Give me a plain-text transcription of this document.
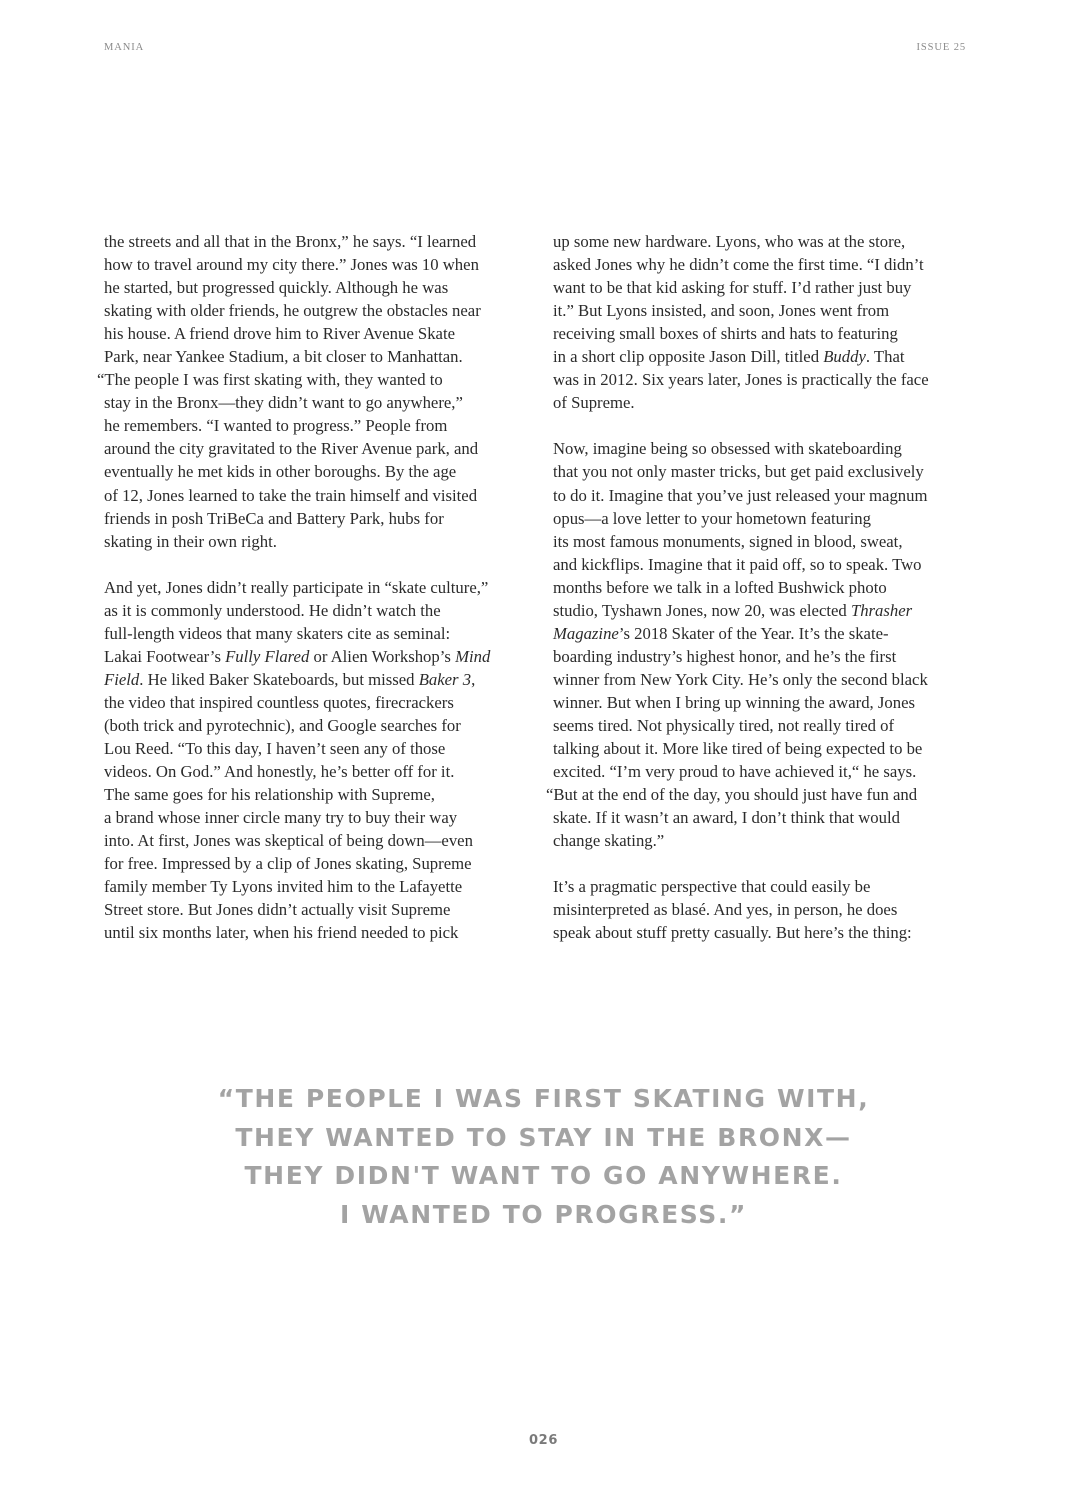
MANIA	ISSUE 25
the streets and all that in the Bronx,” he says. “I learned
how to travel around my city there.” Jones was 10 when
he started, but progressed quickly. Although he was
skating with older friends, he outgrew the obstacles near
his house. A friend drove him to River Avenue Skate
Park, near Yankee Stadium, a bit closer to Manhattan.
“The people I was first skating with, they wanted to
stay in the Bronx—they didn’t want to go anywhere,”
he remembers. “I wanted to progress.” People from
around the city gravitated to the River Avenue park, and
eventually he met kids in other boroughs. By the age
of 12, Jones learned to take the train himself and visited
friends in posh TriBeCa and Battery Park, hubs for
skating in their own right.
And yet, Jones didn’t really participate in “skate culture,”
as it is commonly understood. He didn’t watch the
full-length videos that many skaters cite as seminal:
Lakai Footwear’s Fully Flared or Alien Workshop’s Mind
Field. He liked Baker Skateboards, but missed Baker 3,
the video that inspired countless quotes, firecrackers
(both trick and pyrotechnic), and Google searches for
Lou Reed. “To this day, I haven’t seen any of those
videos. On God.” And honestly, he’s better off for it.
The same goes for his relationship with Supreme,
a brand whose inner circle many try to buy their way
into. At first, Jones was skeptical of being down—even
for free. Impressed by a clip of Jones skating, Supreme
family member Ty Lyons invited him to the Lafayette
Street store. But Jones didn’t actually visit Supreme
until six months later, when his friend needed to pick
up some new hardware. Lyons, who was at the store,
asked Jones why he didn’t come the first time. “I didn’t
want to be that kid asking for stuff. I’d rather just buy
it.” But Lyons insisted, and soon, Jones went from
receiving small boxes of shirts and hats to featuring
in a short clip opposite Jason Dill, titled Buddy. That
was in 2012. Six years later, Jones is practically the face
of Supreme.
Now, imagine being so obsessed with skateboarding
that you not only master tricks, but get paid exclusively
to do it. Imagine that you’ve just released your magnum
opus—a love letter to your hometown featuring
its most famous monuments, signed in blood, sweat,
and kickflips. Imagine that it paid off, so to speak. Two
months before we talk in a lofted Bushwick photo
studio, Tyshawn Jones, now 20, was elected Thrasher
Magazine’s 2018 Skater of the Year. It’s the skate-
boarding industry’s highest honor, and he’s the first
winner from New York City. He’s only the second black
winner. But when I bring up winning the award, Jones
seems tired. Not physically tired, not really tired of
talking about it. More like tired of being expected to be
excited. “I’m very proud to have achieved it,“ he says.
“But at the end of the day, you should just have fun and
skate. If it wasn’t an award, I don’t think that would
change skating.”
It’s a pragmatic perspective that could easily be
misinterpreted as blasé. And yes, in person, he does
speak about stuff pretty casually. But here’s the thing:
“THE PEOPLE I WAS FIRST SKATING WITH,
THEY WANTED TO STAY IN THE BRONX—
THEY DIDN'T WANT TO GO ANYWHERE.
I WANTED TO PROGRESS.”
026
